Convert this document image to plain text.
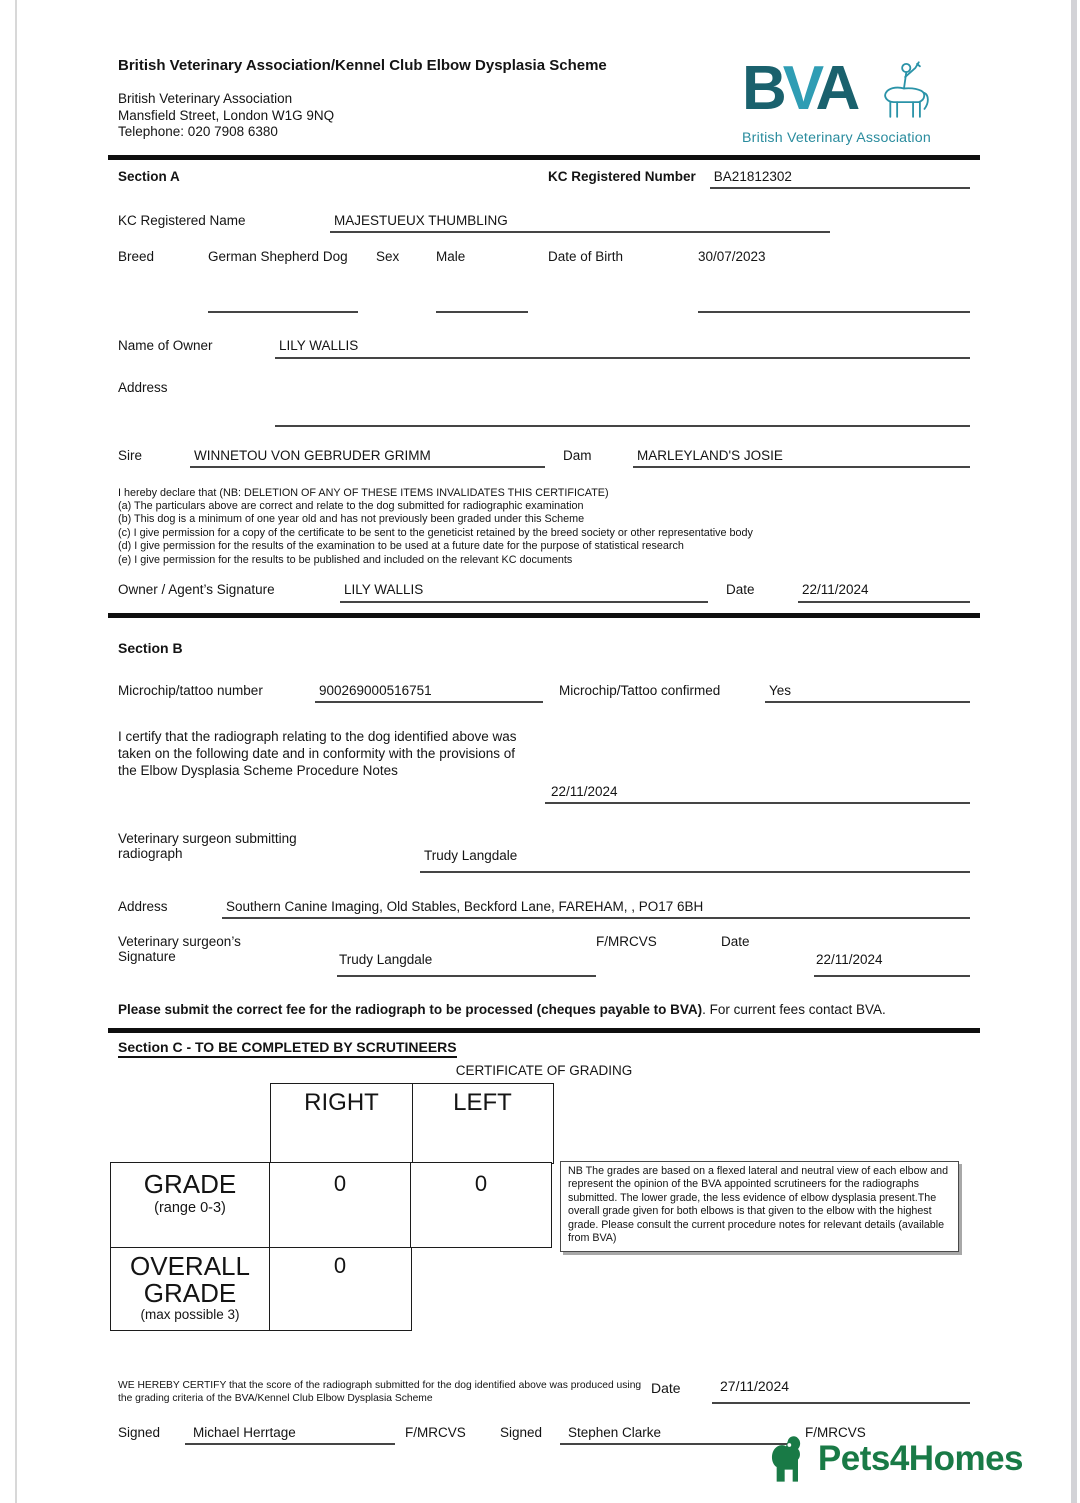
BVA
British Veterinary Association
British Veterinary Association/Kennel Club Elbow Dysplasia Scheme
British Veterinary Association
Mansfield Street, London W1G 9NQ
Telephone: 020 7908 6380
Section A	KC Registered Number BA21812302
KC Registered Name	MAJESTUEUX THUMBLING
Breed	German Shepherd Dog	Sex	Male	Date of Birth	30/07/2023
Name of Owner	LILY WALLIS
Address
Sire	WINNETOU VON GEBRUDER GRIMM	Dam	MARLEYLAND'S JOSIE
I hereby declare that (NB: DELETION OF ANY OF THESE ITEMS INVALIDATES THIS CERTIFICATE)
(a) The particulars above are correct and relate to the dog submitted for radiographic examination
(b) This dog is a minimum of one year old and has not previously been graded under this Scheme
(c) I give permission for a copy of the certificate to be sent to the geneticist retained by the breed society or other representative body
(d) I give permission for the results of the examination to be used at a future date for the purpose of statistical research
(e) I give permission for the results to be published and included on the relevant KC documents
Owner / Agent’s Signature	LILY WALLIS	Date	22/11/2024
Section B
Microchip/tattoo number	900269000516751	Microchip/Tattoo confirmed	Yes
I certify that the radiograph relating to the dog identified above was taken on the following date and in conformity with the provisions of the Elbow Dysplasia Scheme Procedure Notes
22/11/2024
Veterinary surgeon submitting radiograph	Trudy Langdale
Address	Southern Canine Imaging, Old Stables, Beckford Lane, FAREHAM, , PO17 6BH
Veterinary surgeon’s Signature	Trudy Langdale
F/MRCVS	Date
22/11/2024
Please submit the correct fee for the radiograph to be processed (cheques payable to BVA). For current fees contact BVA.
Section C - TO BE COMPLETED BY SCRUTINEERS
CERTIFICATE OF GRADING
RIGHT	LEFT
GRADE
(range 0-3)
0	0
OVERALL
GRADE
(max possible 3)
0
NB The grades are based on a flexed lateral and neutral view of each elbow and represent the opinion of the BVA appointed scrutineers for the radiographs submitted. The lower grade, the less evidence of elbow dysplasia present.The overall grade given for both elbows is that given to the elbow with the highest grade. Please consult the current procedure notes for relevant details (available from BVA)
WE HEREBY CERTIFY that the score of the radiograph submitted for the dog identified above was produced using the grading criteria of the BVA/Kennel Club Elbow Dysplasia Scheme
Date	27/11/2024
Signed	Michael Herrtage	F/MRCVS	Signed	Stephen Clarke	F/MRCVS
Pets4Homes
